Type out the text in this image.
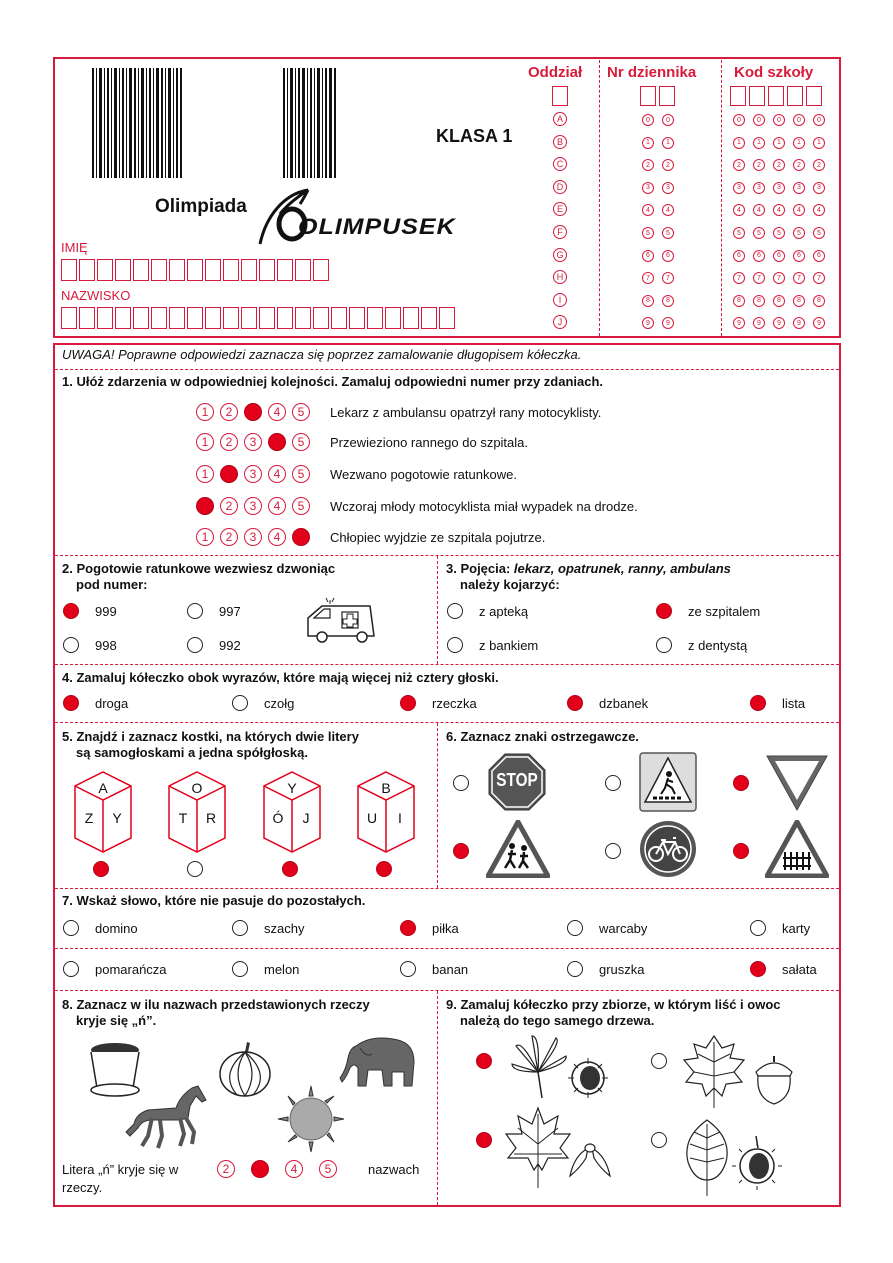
KLASA 1
Olimpiada
OLIMPUSEK
IMIĘ
NAZWISKO
Oddział Nr dziennika	Kod szkoły
A
B
C
D
E
F
G
H
I
J
0	0
1	1
2	2
3	3
4	4
5	5
6	6
7	7
8	8
9	9
0	0	0	0	0
1	1	1	1	1
2	2	2	2	2
3	3	3	3	3
4	4	4	4	4
5	5	5	5	5
6	6	6	6	6
7	7	7	7	7
8	8	8	8	8
9	9	9	9	9
UWAGA! Poprawne odpowiedzi zaznacza się poprzez zamalowanie długopisem kółeczka.
1. Ułóż zdarzenia w odpowiedniej kolejności. Zamaluj odpowiedni numer przy zdaniach.
1	2	3	4	5	Lekarz z ambulansu opatrzył rany motocyklisty.
1	2	3	4	5	Przewieziono rannego do szpitala.
1	2	3	4	5	Wezwano pogotowie ratunkowe.
1	2	3	4	5	Wczoraj młody motocyklista miał wypadek na drodze.
1	2	3	4	5	Chłopiec wyjdzie ze szpitala pojutrze.
2. Pogotowie ratunkowe wezwiesz dzwoniąc
pod numer:
3. Pojęcia: lekarz, opatrunek, ranny, ambulans
należy kojarzyć:
4. Zamaluj kółeczko obok wyrazów, które mają więcej niż cztery głoski.
5. Znajdź i zaznacz kostki, na których dwie litery
są samogłoskami a jedna spółgłoską.
6. Zaznacz znaki ostrzegawcze.
STOP
7. Wskaż słowo, które nie pasuje do pozostałych.
8. Zaznacz w ilu nazwach przedstawionych rzeczy
kryje się „ń”.
Litera „ń” kryje się w
rzeczy.
2	3	4	5	nazwach
9. Zamaluj kółeczko przy zbiorze, w którym liść i owoc
należą do tego samego drzewa.
999	997
998	992
z apteką	ze szpitalem
z bankiem	z dentystą
droga	czołg	rzeczka	dzbanek	lista
domino	szachy	piłka	warcaby	karty
pomarańcza	melon	banan	gruszka	sałata
A
Z Y
O
T R
Y
Ó	J
B
U	I
